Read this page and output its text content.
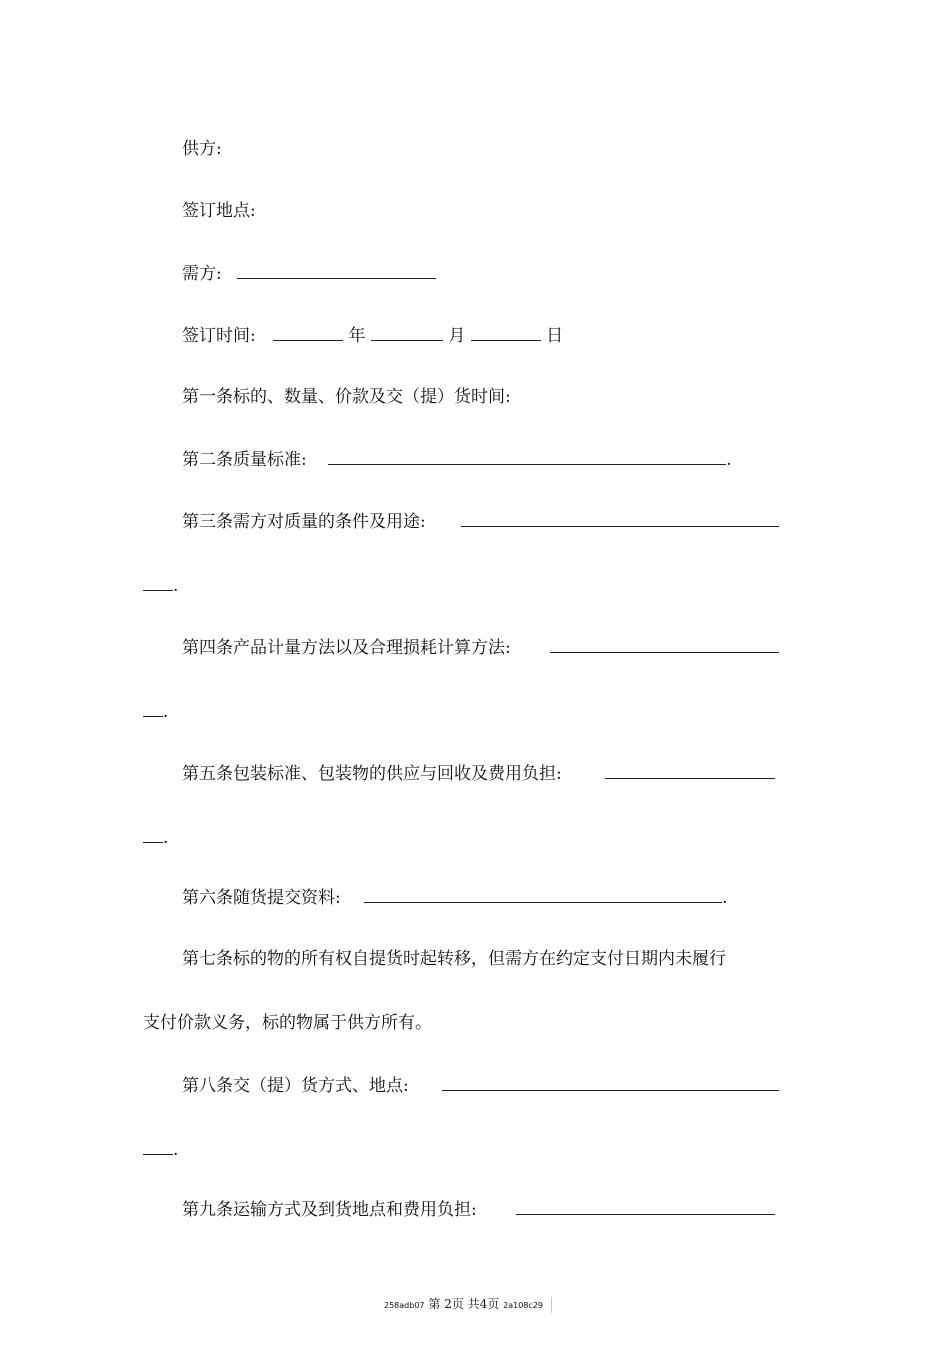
供方:
签订地点:
需方:
签订时间:	年	月	日
第一条标的、数量、价款及交（提）货时间:
第二条质量标准:	.
第三条需方对质量的条件及用途:
.
第四条产品计量方法以及合理损耗计算方法:
.
第五条包装标准、包装物的供应与回收及费用负担:
.
第六条随货提交资料:	.
第七条标的物的所有权自提货时起转移，但需方在约定支付日期内未履行
支付价款义务，标的物属于供方所有。
第八条交（提）货方式、地点:
.
第九条运输方式及到货地点和费用负担:
258adb07 第 2页 共4页 2a108c29
